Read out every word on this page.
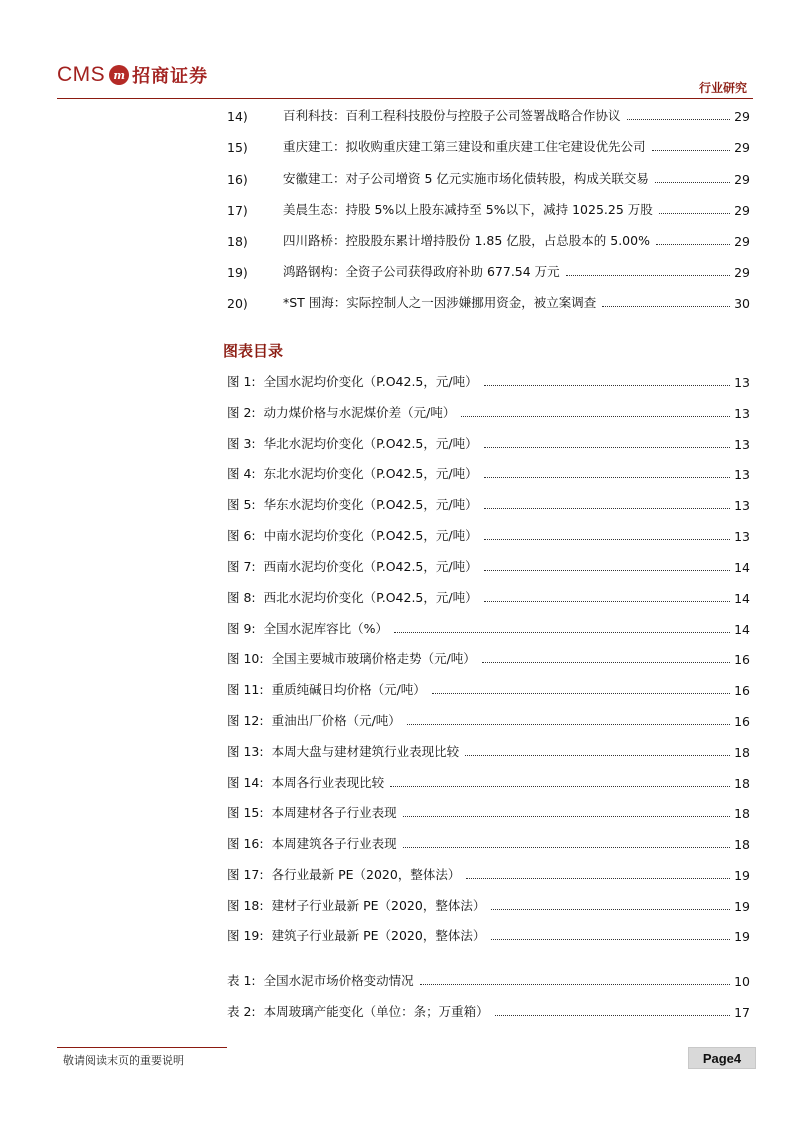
CMS m 招商证券
行业研究
14)	百利科技：百利工程科技股份与控股子公司签署战略合作协议	29
15)	重庆建工：拟收购重庆建工第三建设和重庆建工住宅建设优先公司	29
16)	安徽建工：对子公司增资 5 亿元实施市场化债转股，构成关联交易	29
17)	美晨生态：持股 5%以上股东减持至 5%以下，减持 1025.25 万股	29
18)	四川路桥：控股股东累计增持股份 1.85 亿股，占总股本的 5.00%	29
19)	鸿路钢构：全资子公司获得政府补助 677.54 万元	29
20)	*ST 围海：实际控制人之一因涉嫌挪用资金，被立案调查	30
图表目录
图 1: 全国水泥均价变化（P.O42.5，元/吨）	13
图 2: 动力煤价格与水泥煤价差（元/吨）	13
图 3: 华北水泥均价变化（P.O42.5，元/吨）	13
图 4: 东北水泥均价变化（P.O42.5，元/吨）	13
图 5: 华东水泥均价变化（P.O42.5，元/吨）	13
图 6: 中南水泥均价变化（P.O42.5，元/吨）	13
图 7: 西南水泥均价变化（P.O42.5，元/吨）	14
图 8: 西北水泥均价变化（P.O42.5，元/吨）	14
图 9: 全国水泥库容比（%）	14
图 10: 全国主要城市玻璃价格走势（元/吨）	16
图 11: 重质纯碱日均价格（元/吨）	16
图 12: 重油出厂价格（元/吨）	16
图 13: 本周大盘与建材建筑行业表现比较	18
图 14: 本周各行业表现比较	18
图 15: 本周建材各子行业表现	18
图 16: 本周建筑各子行业表现	18
图 17: 各行业最新 PE（2020，整体法）	19
图 18: 建材子行业最新 PE（2020，整体法）	19
图 19: 建筑子行业最新 PE（2020，整体法）	19
表 1: 全国水泥市场价格变动情况	10
表 2: 本周玻璃产能变化（单位：条；万重箱）	17
敬请阅读末页的重要说明	Page4
